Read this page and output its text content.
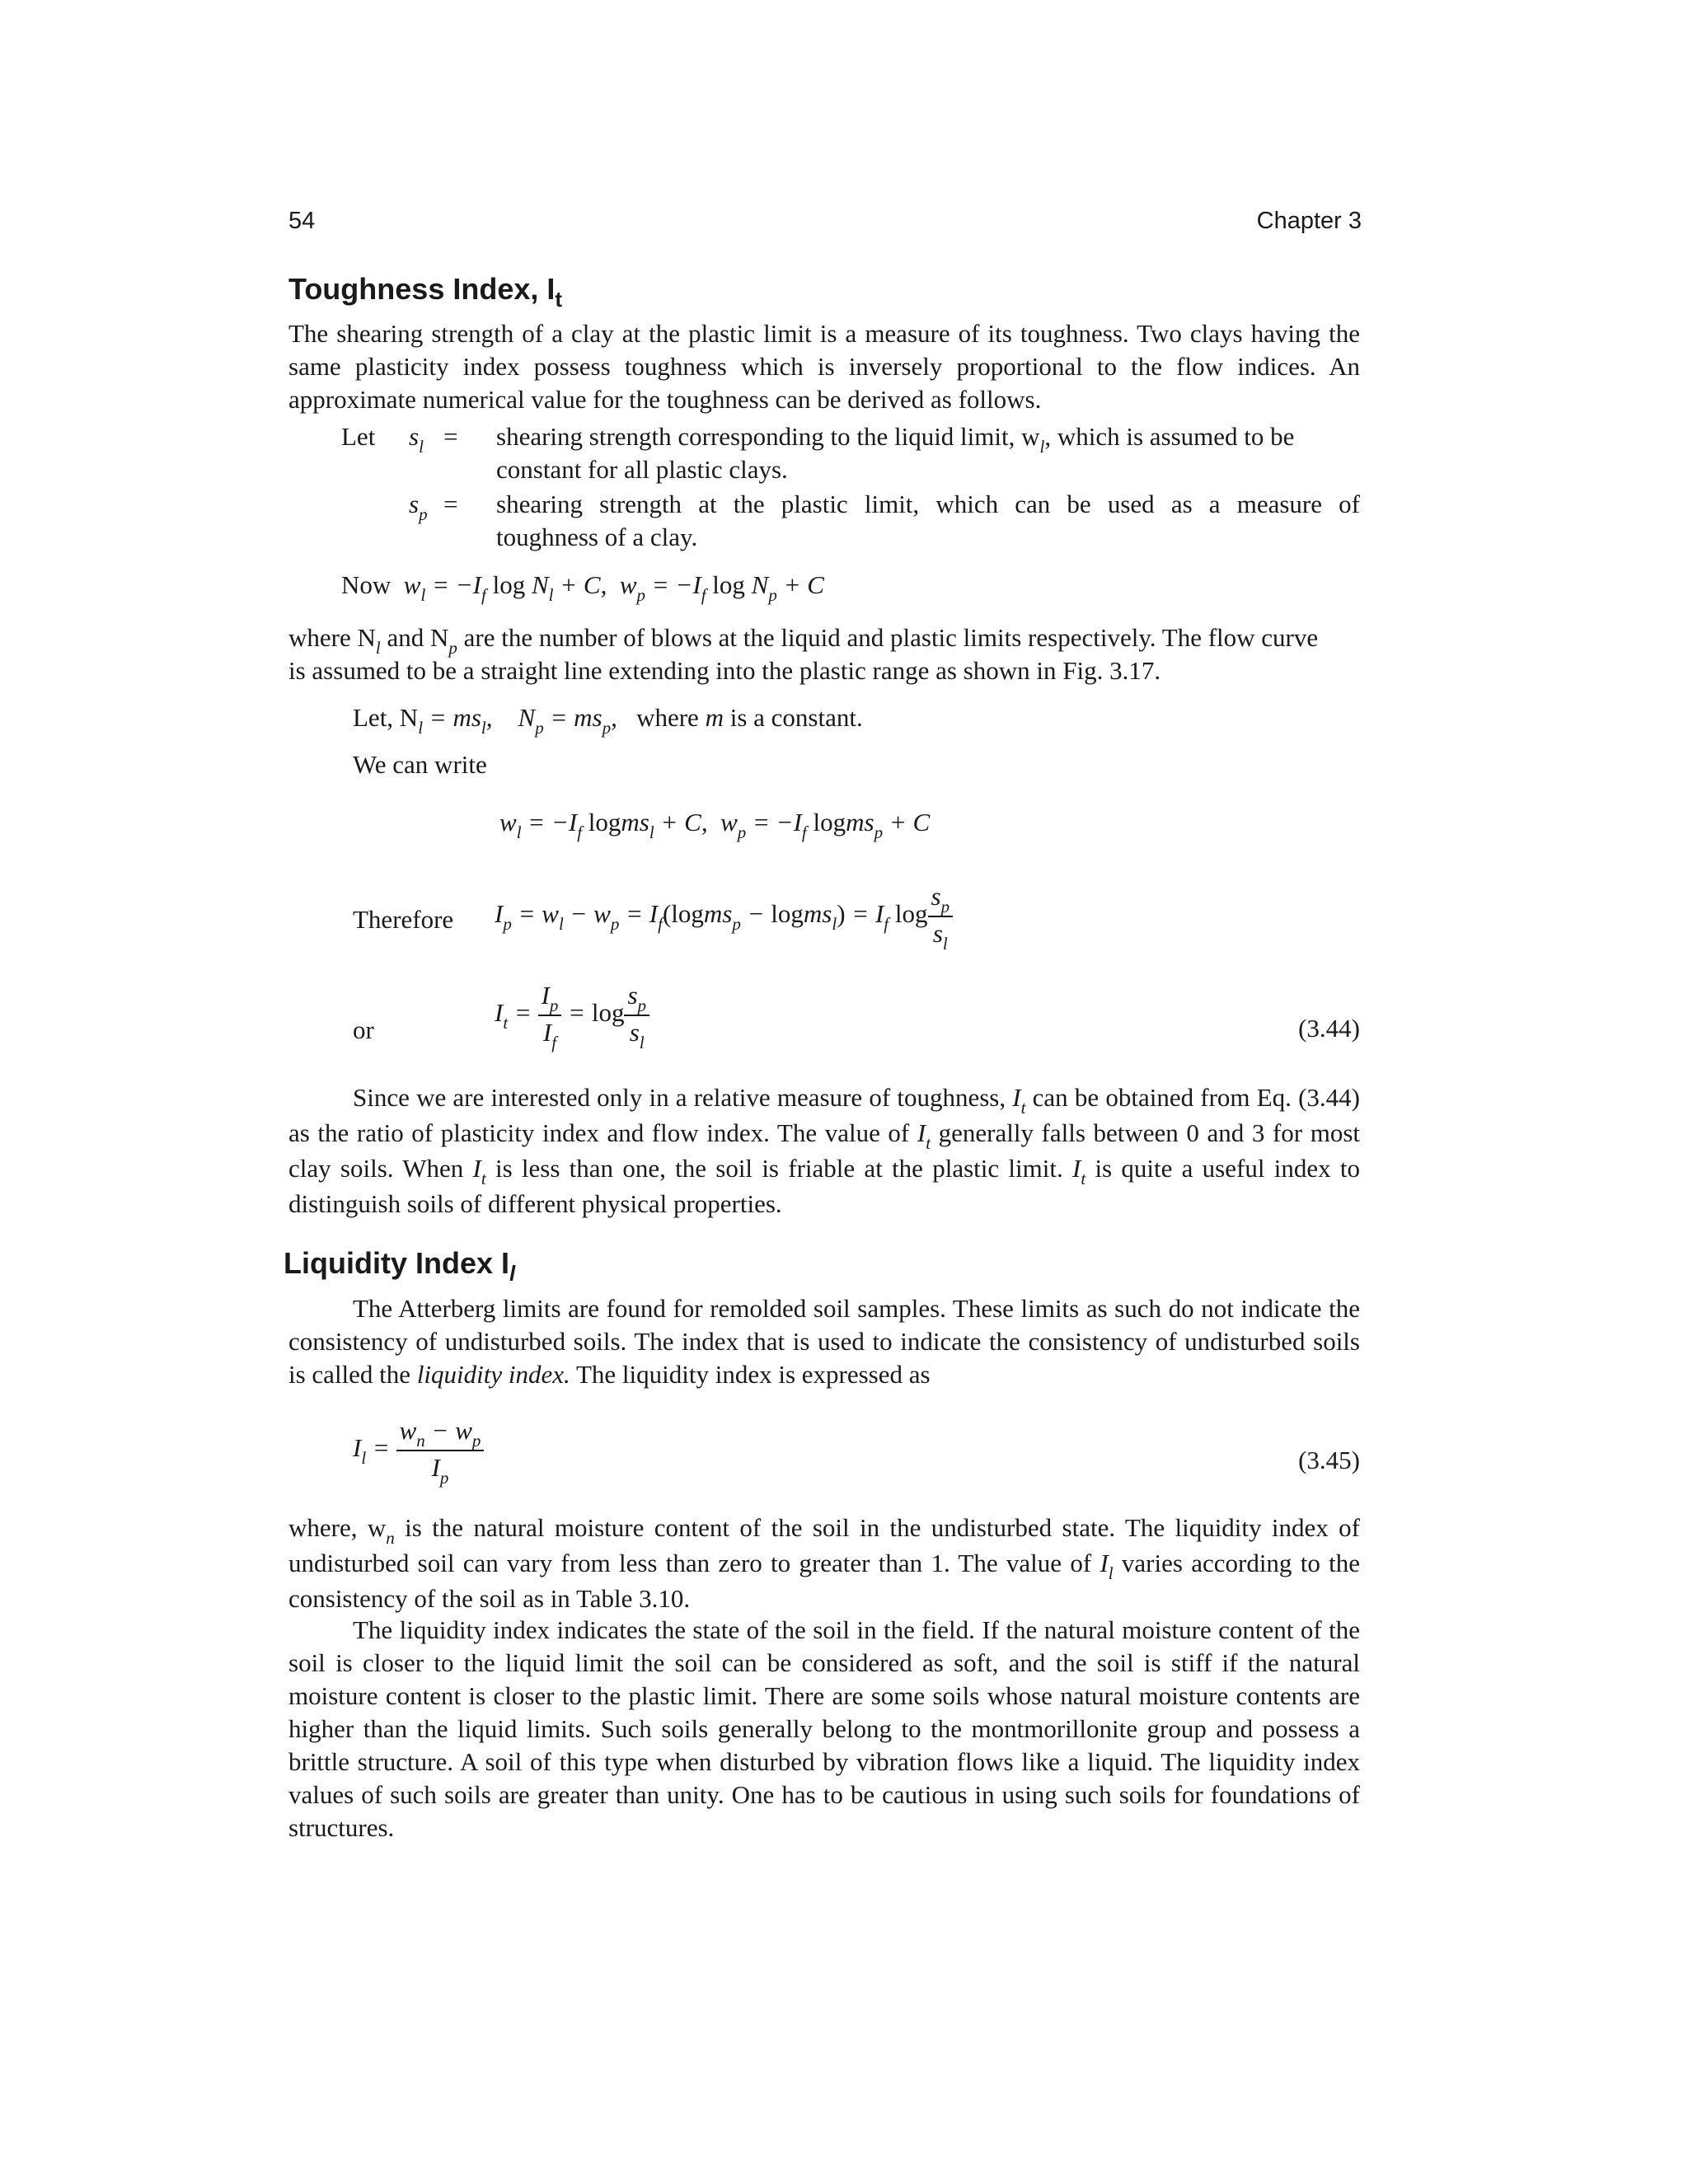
54	Chapter 3
Toughness Index, $I_t$
The shearing strength of a clay at the plastic limit is a measure of its toughness. Two clays having the same plasticity index possess toughness which is inversely proportional to the flow indices. An approximate numerical value for the toughness can be derived as follows.
Let $s_l$ = shearing strength corresponding to the liquid limit, $w_l$, which is assumed to be
constant for all plastic clays.
$s_p$ = shearing strength at the plastic limit, which can be used as a measure of
toughness of a clay.
Now  $w_l = -I_f$ $\log N_l + C$,  $w_p = -I_f$ $\log N_p + C$
where $N_l$ and $N_p$ are the number of blows at the liquid and plastic limits respectively. The flow curve
is assumed to be a straight line extending into the plastic range as shown in Fig. 3.17.
Let, $N_l = ms_l$,    $N_p = ms_p$,   where m is a constant.
We can write
$w_l = -I_f$ logms$_l$ + C,  $w_p = -I_f$ logms$_p$ + C
Therefore $I_p = w_l - w_p$ = $I_f(logms_p$ − logms$_l$) = $I_f$ $\log \frac{s_p}{s_l}$
or
$I_t = \frac{I_p}{I_f} = \log \frac{s_p}{s_l}$	(3.44)
Since we are interested only in a relative measure of toughness, $I_t$ can be obtained from Eq. (3.44) as the ratio of plasticity index and flow index. The value of $I_t$ generally falls between 0 and 3 for most clay soils. When $I_t$ is less than one, the soil is friable at the plastic limit. $I_t$ is quite a useful index to distinguish soils of different physical properties.
Liquidity Index $I_l$
The Atterberg limits are found for remolded soil samples. These limits as such do not indicate the consistency of undisturbed soils. The index that is used to indicate the consistency of undisturbed soils is called the liquidity index. The liquidity index is expressed as
$I_l = \frac{w_n - w_p}{I_p}$	(3.45)
where, $w_n$ is the natural moisture content of the soil in the undisturbed state. The liquidity index of undisturbed soil can vary from less than zero to greater than 1. The value of $I_l$ varies according to the consistency of the soil as in Table 3.10.
The liquidity index indicates the state of the soil in the field. If the natural moisture content of the soil is closer to the liquid limit the soil can be considered as soft, and the soil is stiff if the natural moisture content is closer to the plastic limit. There are some soils whose natural moisture contents are higher than the liquid limits. Such soils generally belong to the montmorillonite group and possess a brittle structure. A soil of this type when disturbed by vibration flows like a liquid. The liquidity index values of such soils are greater than unity. One has to be cautious in using such soils for foundations of structures.
